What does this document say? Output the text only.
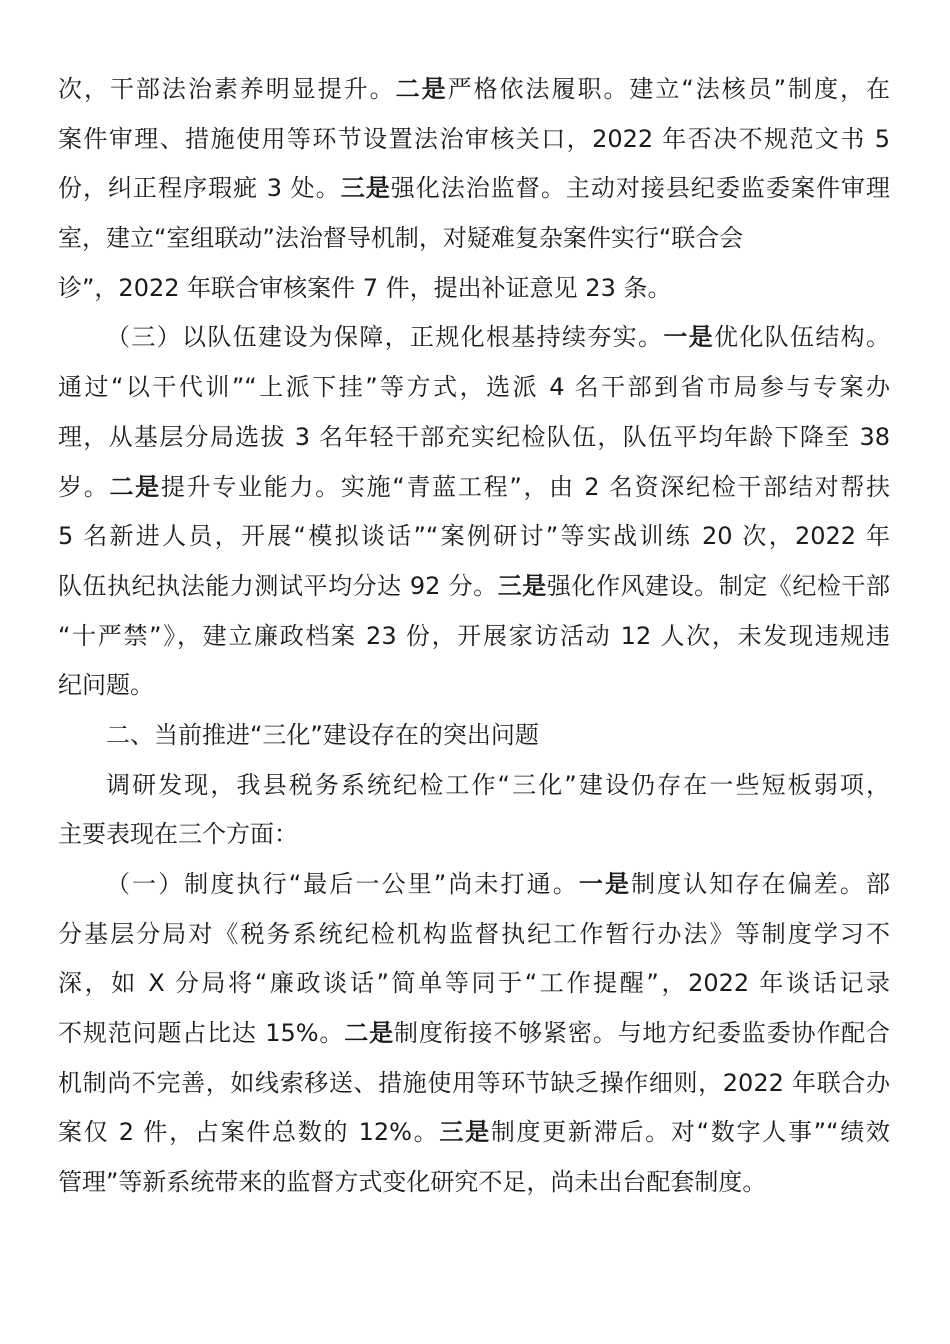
次，干部法治素养明显提升。二是严格依法履职。建立“法核员”制度，在
案件审理、措施使用等环节设置法治审核关口，2022 年否决不规范文书 5
份，纠正程序瑕疵 3 处。三是强化法治监督。主动对接县纪委监委案件审理
室，建立“室组联动”法治督导机制，对疑难复杂案件实行“联合会
诊”，2022 年联合审核案件 7 件，提出补证意见 23 条。
（三）以队伍建设为保障，正规化根基持续夯实。一是优化队伍结构。
通过“以干代训”“上派下挂”等方式，选派 4 名干部到省市局参与专案办
理，从基层分局选拔 3 名年轻干部充实纪检队伍，队伍平均年龄下降至 38
岁。二是提升专业能力。实施“青蓝工程”，由 2 名资深纪检干部结对帮扶
5 名新进人员，开展“模拟谈话”“案例研讨”等实战训练 20 次，2022 年
队伍执纪执法能力测试平均分达 92 分。三是强化作风建设。制定《纪检干部
“十严禁”》，建立廉政档案 23 份，开展家访活动 12 人次，未发现违规违
纪问题。
二、当前推进“三化”建设存在的突出问题
调研发现，我县税务系统纪检工作“三化”建设仍存在一些短板弱项，
主要表现在三个方面：
（一）制度执行“最后一公里”尚未打通。一是制度认知存在偏差。部
分基层分局对《税务系统纪检机构监督执纪工作暂行办法》等制度学习不
深，如 X 分局将“廉政谈话”简单等同于“工作提醒”，2022 年谈话记录
不规范问题占比达 15%。二是制度衔接不够紧密。与地方纪委监委协作配合
机制尚不完善，如线索移送、措施使用等环节缺乏操作细则，2022 年联合办
案仅 2 件，占案件总数的 12%。三是制度更新滞后。对“数字人事”“绩效
管理”等新系统带来的监督方式变化研究不足，尚未出台配套制度。
